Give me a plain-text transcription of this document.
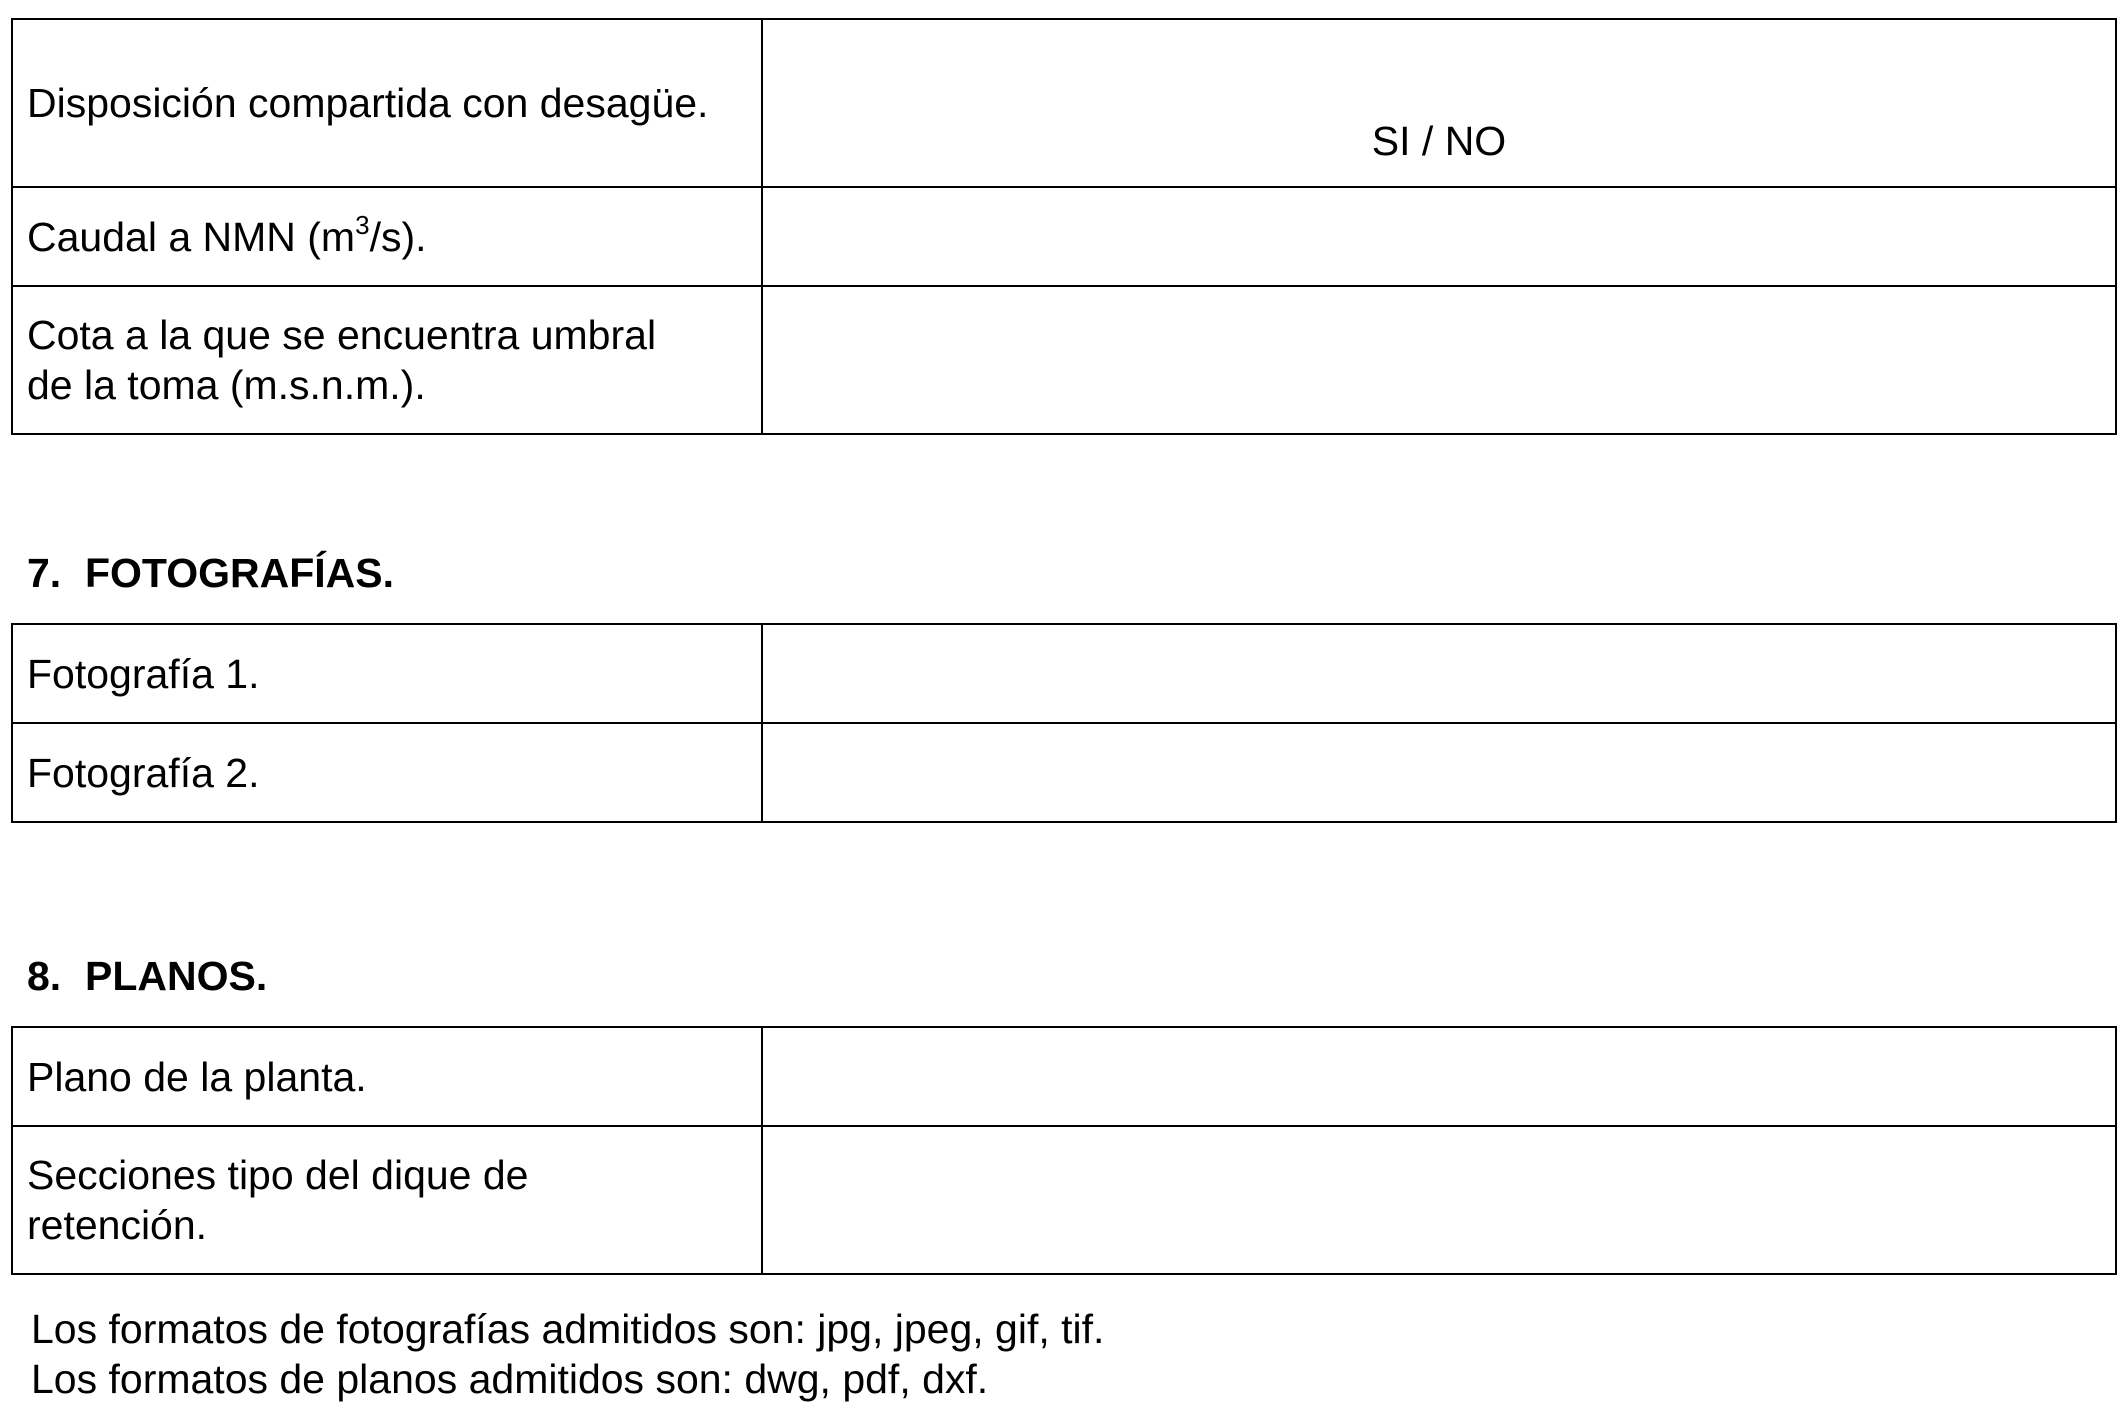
Disposición compartida con desagüe.	SI / NO
Caudal a NMN $(m^3/s)$.	

Cota a la que se encuentra umbral de la toma (m.s.n.m.).	

7. FOTOGRAFÍAS.
Fotografía 1.	
Fotografía 2.	
8. PLANOS.
Plano de la planta.	

Secciones tipo del dique de retención.	

Los formatos de fotografías admitidos son: jpg, jpeg, gif, tif.

Los formatos de planos admitidos son: dwg, pdf, dxf.
